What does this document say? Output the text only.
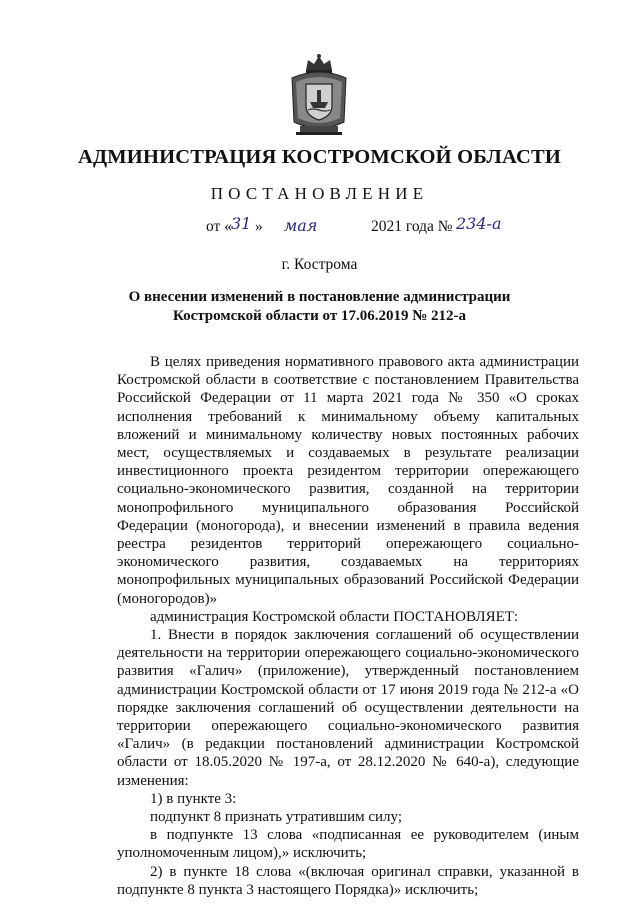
АДМИНИСТРАЦИЯ КОСТРОМСКОЙ ОБЛАСТИ
ПОСТАНОВЛЕНИЕ
от « 31 » мая	2021 года № 234-а
г. Кострома
О внесении изменений в постановление администрации
Костромской области от 17.06.2019 № 212-а

В целях приведения нормативного правового акта администрации Костромской области в соответствие с постановлением Правительства Российской Федерации от 11 марта 2021 года № 350 «О сроках исполнения требований к минимальному объему капитальных вложений и минимальному количеству новых постоянных рабочих мест, осуществляемых и создаваемых в результате реализации инвестиционного проекта резидентом территории опережающего социально-экономического развития, созданной на территории монопрофильного муниципального образования Российской Федерации (моногорода), и внесении изменений в правила ведения реестра резидентов территорий опережающего социально-экономического развития, создаваемых на территориях монопрофильных муниципальных образований Российской Федерации (моногородов)»

администрация Костромской области ПОСТАНОВЛЯЕТ:

1. Внести в порядок заключения соглашений об осуществлении деятельности на территории опережающего социально-экономического развития «Галич» (приложение), утвержденный постановлением администрации Костромской области от 17 июня 2019 года № 212-а «О порядке заключения соглашений об осуществлении деятельности на территории опережающего социально-экономического развития «Галич» (в редакции постановлений администрации Костромской области от 18.05.2020 № 197-а, от 28.12.2020 № 640-а), следующие изменения:

1) в пункте 3:

подпункт 8 признать утратившим силу;

в подпункте 13 слова «подписанная ее руководителем (иным уполномоченным лицом),» исключить;

2) в пункте 18 слова «(включая оригинал справки, указанной в подпункте 8 пункта 3 настоящего Порядка)» исключить;
